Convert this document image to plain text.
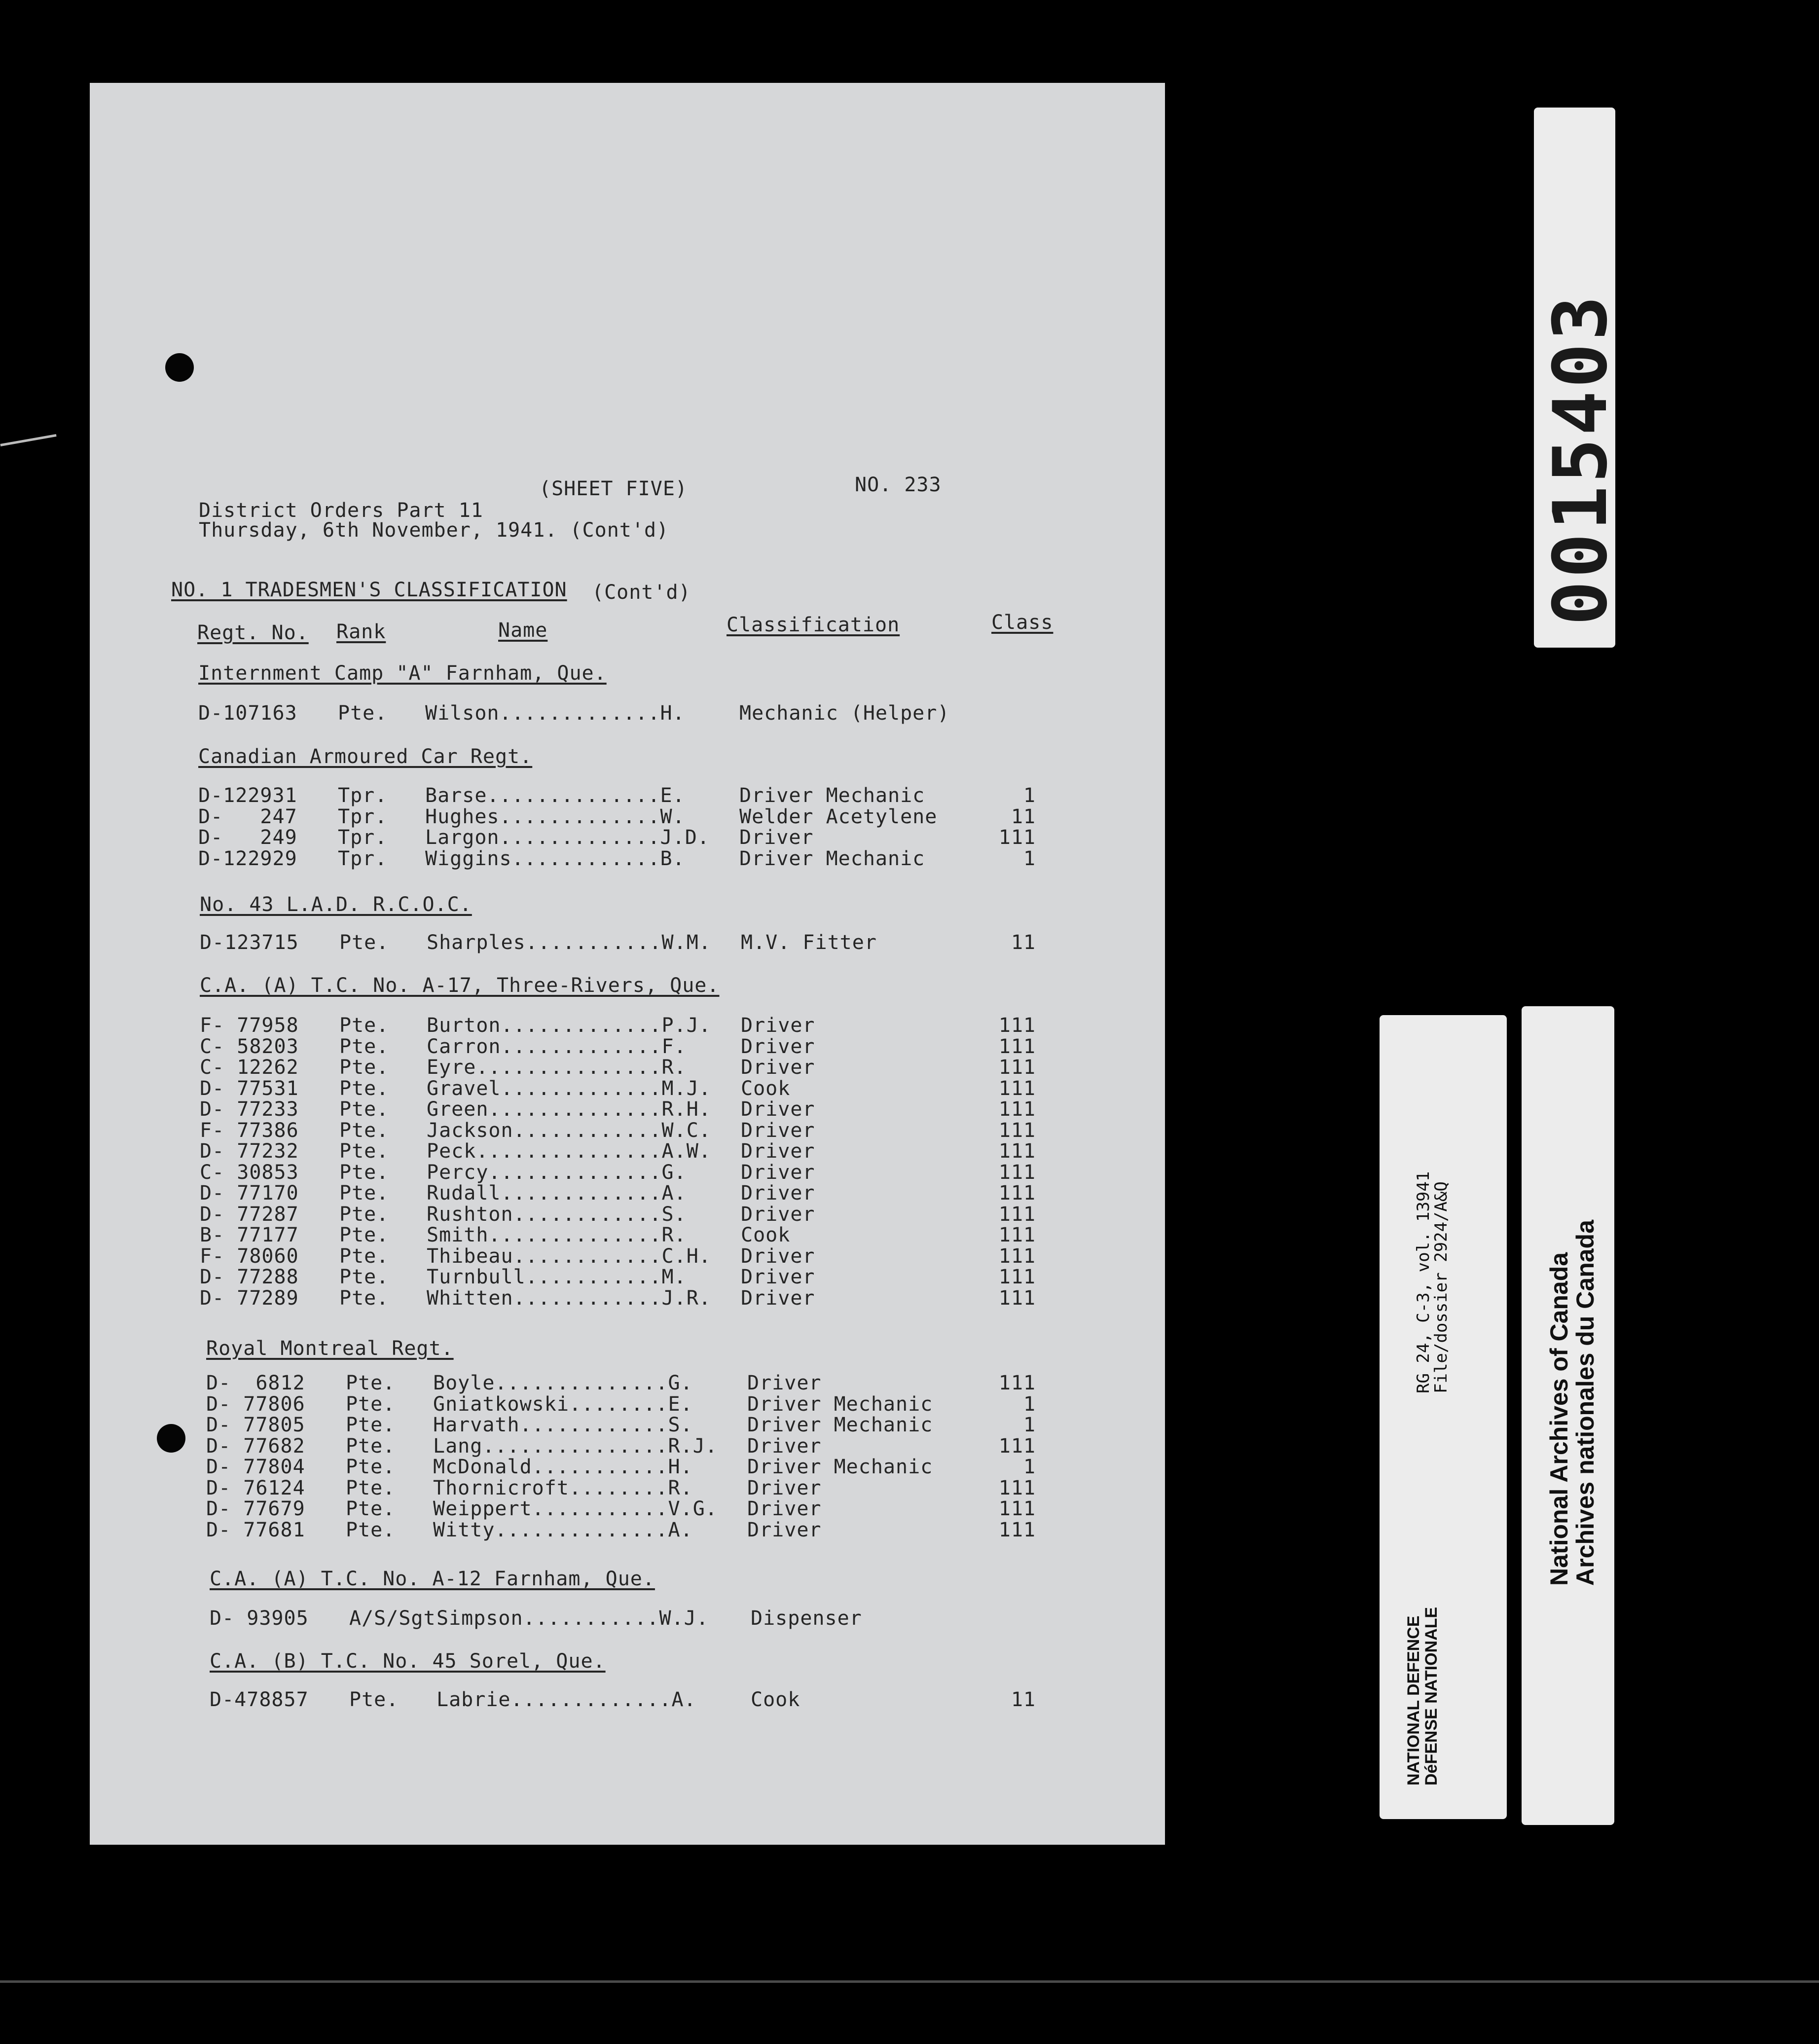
District Orders Part 11
(SHEET FIVE)	NO. 233
Thursday, 6th November, 1941. (Cont'd)
NO. 1 TRADESMEN'S CLASSIFICATION (Cont'd)
Regt. No. Rank	Name	Classification	Class
Internment Camp "A" Farnham, Que.
Canadian Armoured Car Regt.
No. 43 L.A.D. R.C.O.C.
C.A. (A) T.C. No. A-17, Three-Rivers, Que.
Royal Montreal Regt.
C.A. (A) T.C. No. A-12 Farnham, Que.
C.A. (B) T.C. No. 45 Sorel, Que.
D-107163 Pte. Wilson.............H.	Mechanic (Helper)
D-122931 Tpr. Barse..............E.	Driver Mechanic	1
D-   247 Tpr. Hughes.............W.	Welder Acetylene	11
D-   249 Tpr. Largon.............J.D. Driver	111
D-122929 Tpr. Wiggins............B.	Driver Mechanic	1
D-123715 Pte. Sharples...........W.M. M.V. Fitter	11
F- 77958 Pte. Burton.............P.J. Driver	111
C- 58203 Pte. Carron.............F.	Driver	111
C- 12262 Pte. Eyre...............R.	Driver	111
D- 77531 Pte. Gravel.............M.J. Cook	111
D- 77233 Pte. Green..............R.H. Driver	111
F- 77386 Pte. Jackson............W.C. Driver	111
D- 77232 Pte. Peck...............A.W. Driver	111
C- 30853 Pte. Percy..............G.	Driver	111
D- 77170 Pte. Rudall.............A.	Driver	111
D- 77287 Pte. Rushton............S.	Driver	111
B- 77177 Pte. Smith..............R.	Cook	111
F- 78060 Pte. Thibeau............C.H. Driver	111
D- 77288 Pte. Turnbull...........M.	Driver	111
D- 77289 Pte. Whitten............J.R. Driver	111
D-  6812 Pte. Boyle..............G.	Driver	111
D- 77806 Pte. Gniatkowski........E.	Driver Mechanic	1
D- 77805 Pte. Harvath............S.	Driver Mechanic	1
D- 77682 Pte. Lang...............R.J. Driver	111
D- 77804 Pte. McDonald...........H.	Driver Mechanic	1
D- 76124 Pte. Thornicroft........R.	Driver	111
D- 77679 Pte. Weippert...........V.G. Driver	111
D- 77681 Pte. Witty..............A.	Driver	111
D- 93905 A/S/Sgt Simpson...........W.J. Dispenser
D-478857 Pte. Labrie.............A.	Cook	11
0015403
RG 24, C-3, vol. 13941
File/dossier 2924/A&Q
NATIONAL DEFENCE
DéFENSE NATIONALE
National Archives of Canada
Archives nationales du Canada
